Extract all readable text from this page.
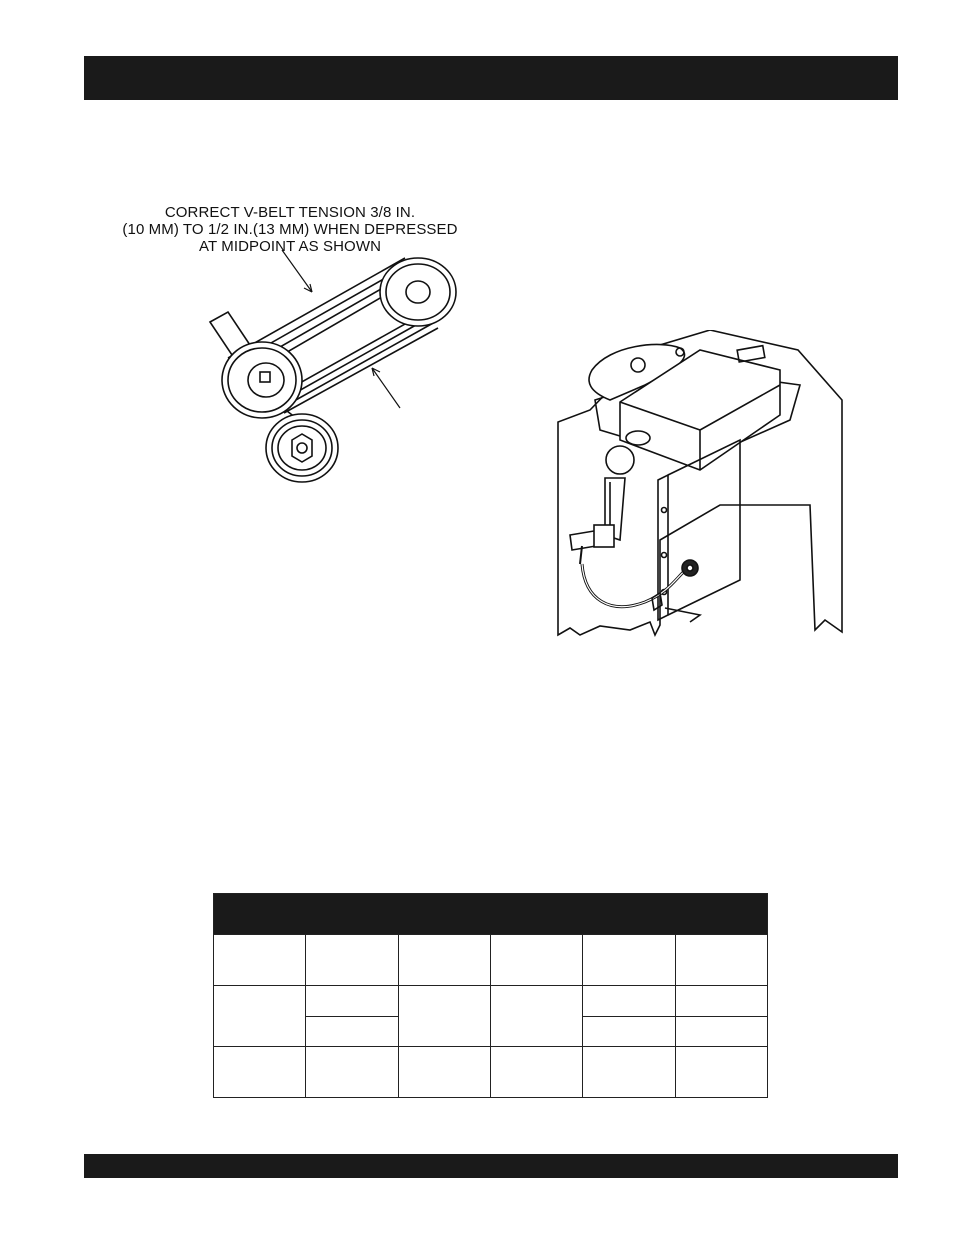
CORRECT V-BELT TENSION 3/8 IN.
(10 MM) TO 1/2 IN.(13 MM) WHEN DEPRESSED
AT MIDPOINT AS SHOWN
